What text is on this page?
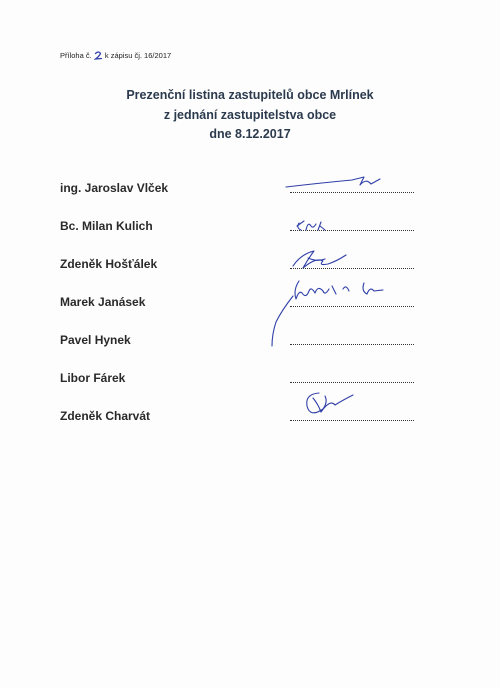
Příloha č. k zápisu čj. 16/2017
Prezenční listina zastupitelů obce Mrlínek
z jednání zastupitelstva obce
dne 8.12.2017
ing. Jaroslav Vlček
Bc. Milan Kulich
Zdeněk Hošťálek
Marek Janásek
Pavel Hynek
Libor Fárek
Zdeněk Charvát
